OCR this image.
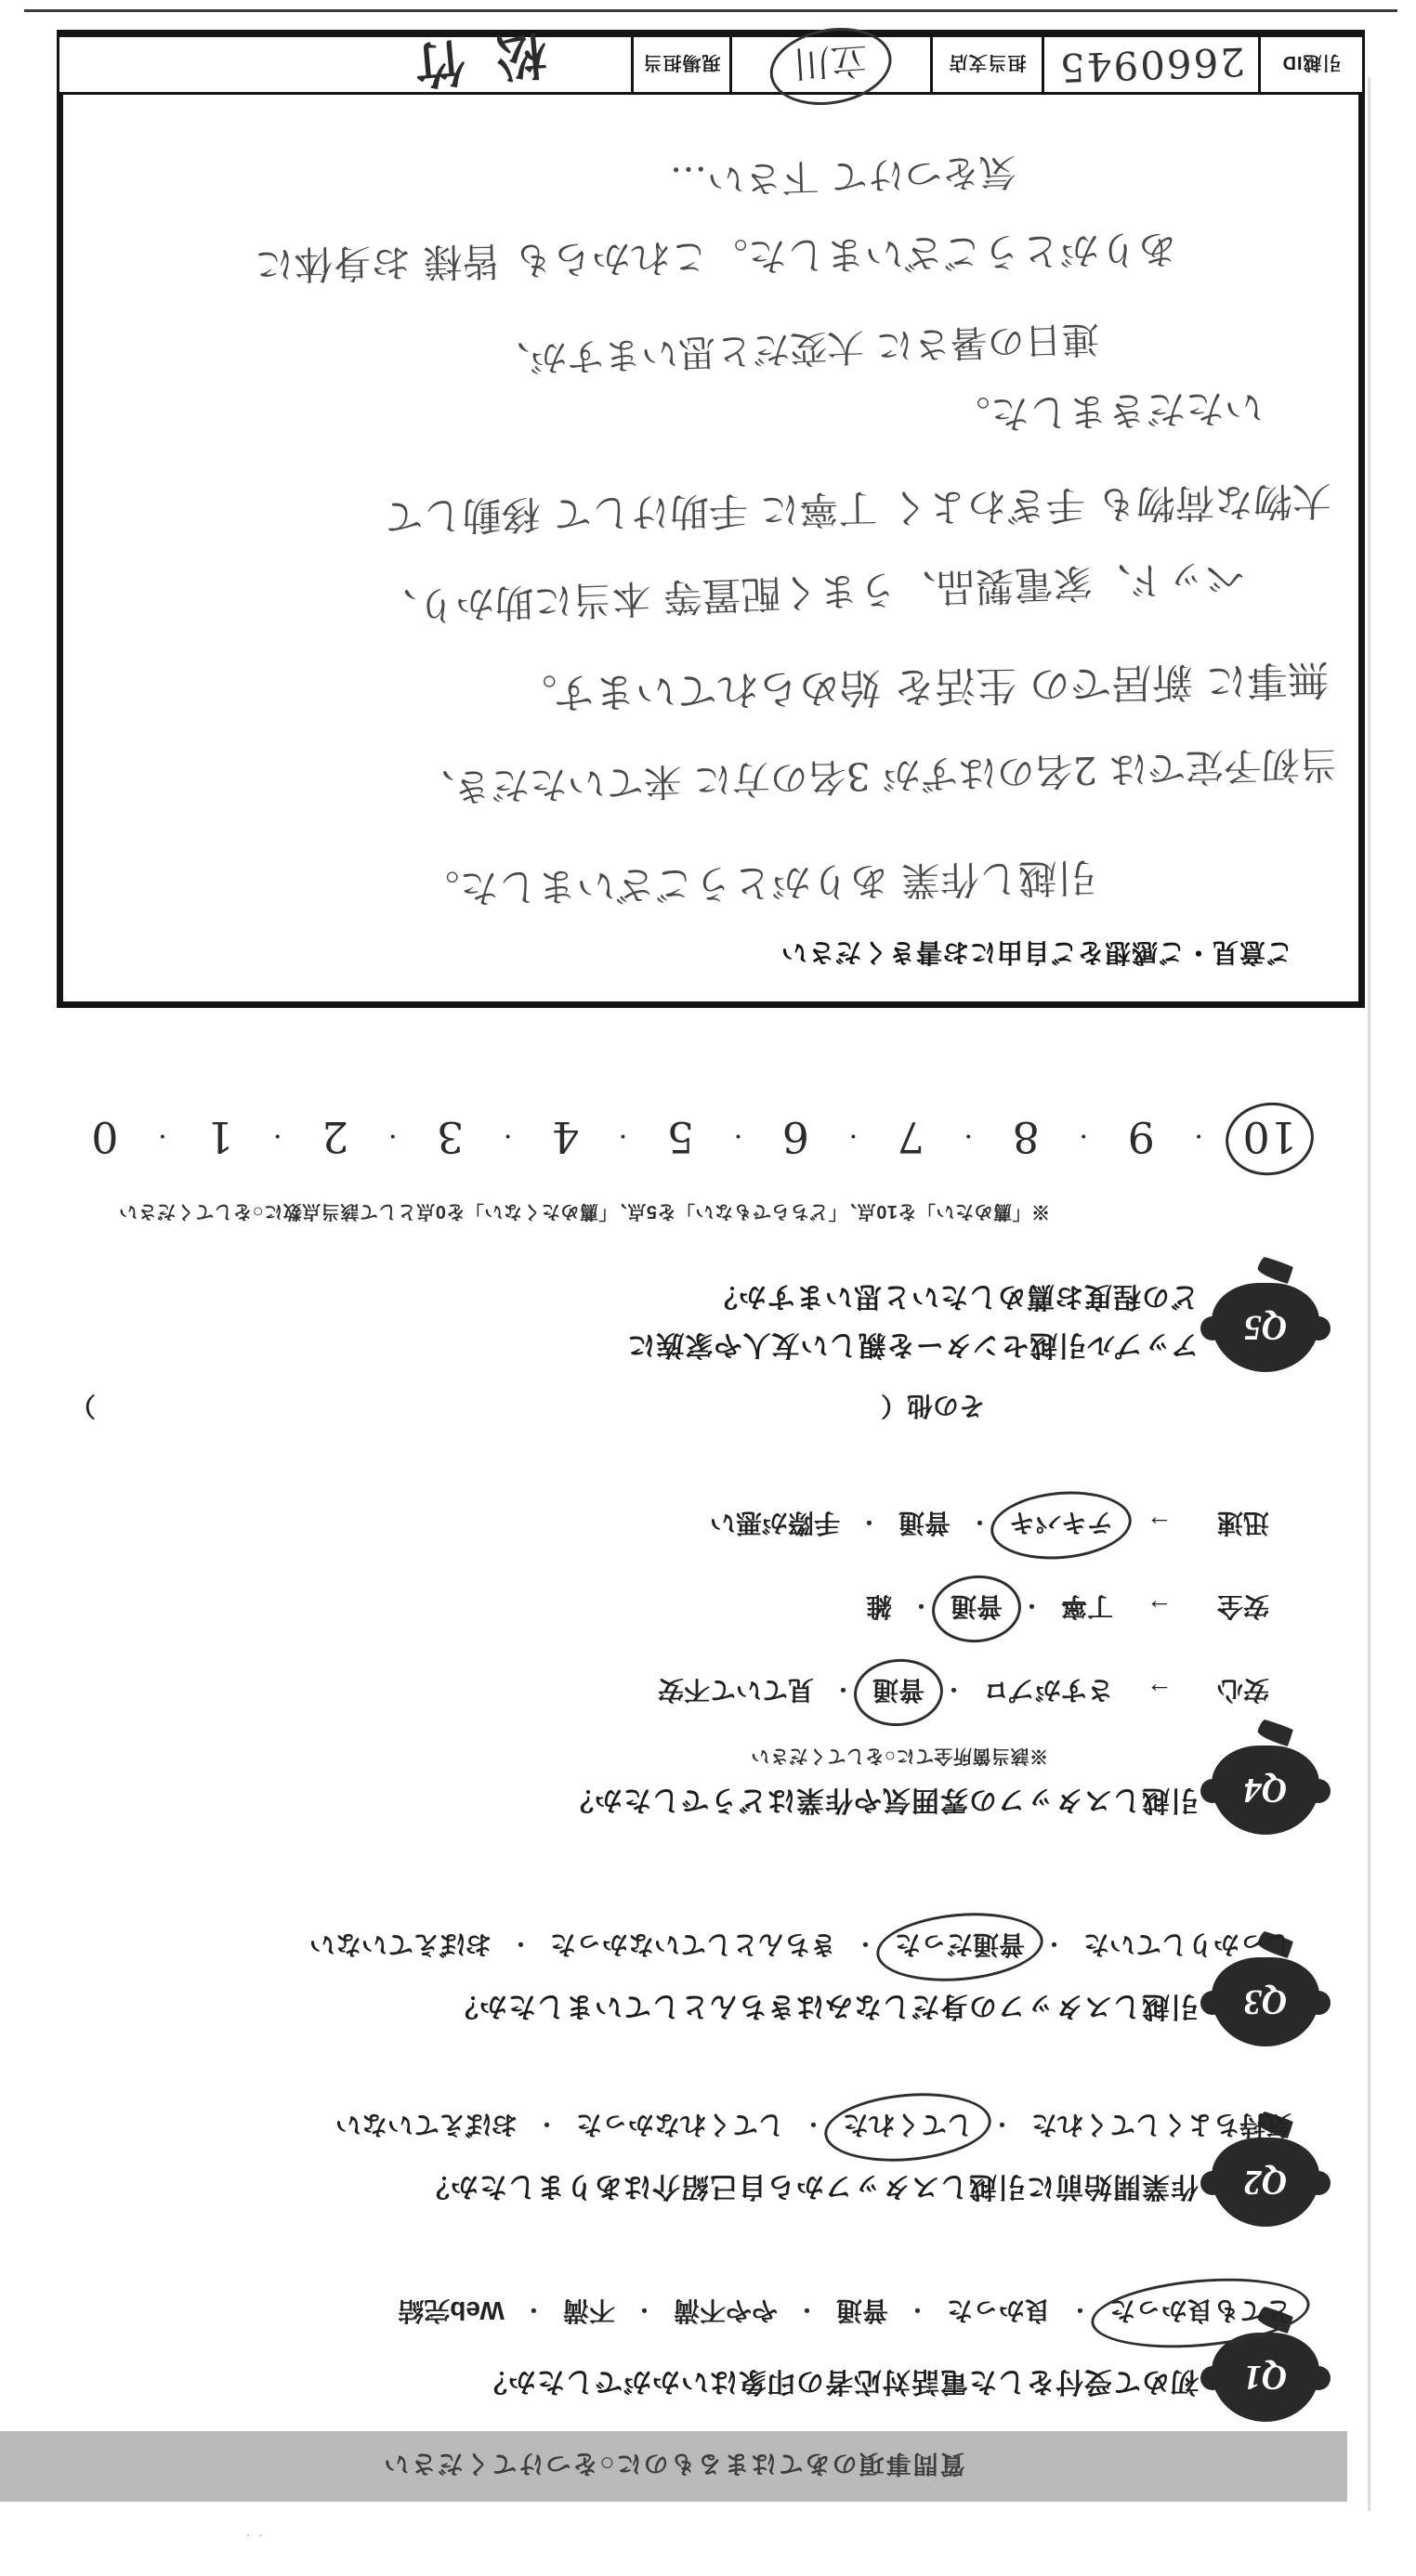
· ·
質問事項のあてはまるものに○をつけてください
Q1
Q2
Q3
Q4
Q5
初めて受付をした電話対応者の印象はいかがでしたか？
とても良かった
・
良かった
・
普通
・
やや不満
・
不満
・
Web完結
作業開始前に引越しスタッフから自己紹介はありましたか？
気持ちよくしてくれた
・
してくれた
・
してくれなかった
・
おぼえていない
引越しスタッフの身だしなみはきちんとしていましたか？
しっかりしていた
・
普通だった
・
きちんとしていなかった
・
おぼえていない
引越しスタッフの雰囲気や作業はどうでしたか？
※該当箇所全てに○をしてください
安心
→
さすがプロ
・
普通
・
見ていて不安
安全
→
丁寧
・
普通
・
雑
迅速
→
テキパキ
・
普通
・
手際が悪い
その他
（
）
アップル引越センターを親しい友人や家族に
どの程度お薦めしたいと思いますか？
※「薦めたい」を10点、「どちらでもない」を5点、「薦めたくない」を0点として該当点数に○をしてください
10
・
9
・
8
・
7
・
6
・
5
・
4
・
3
・
2
・
1
・
0
ご意見・ご感想をご自由にお書きください
引越し作業 ありがとうございました。
当初予定では 2名のはずが 3名の方に 来ていただき、
無事に 新居での 生活を 始められています。
ベッド、家電製品、うまく配置等 本当に助かり、
大物な荷物も 手ぎわよく 丁寧に 手助けして 移動して
いただきました。
連日の暑さに 大変だと思いますが、
ありがとうございました。これからも 皆様 お身体に
気をつけて 下さい…
引越ID
2660945
担当支店
立川
現場担当
松竹
